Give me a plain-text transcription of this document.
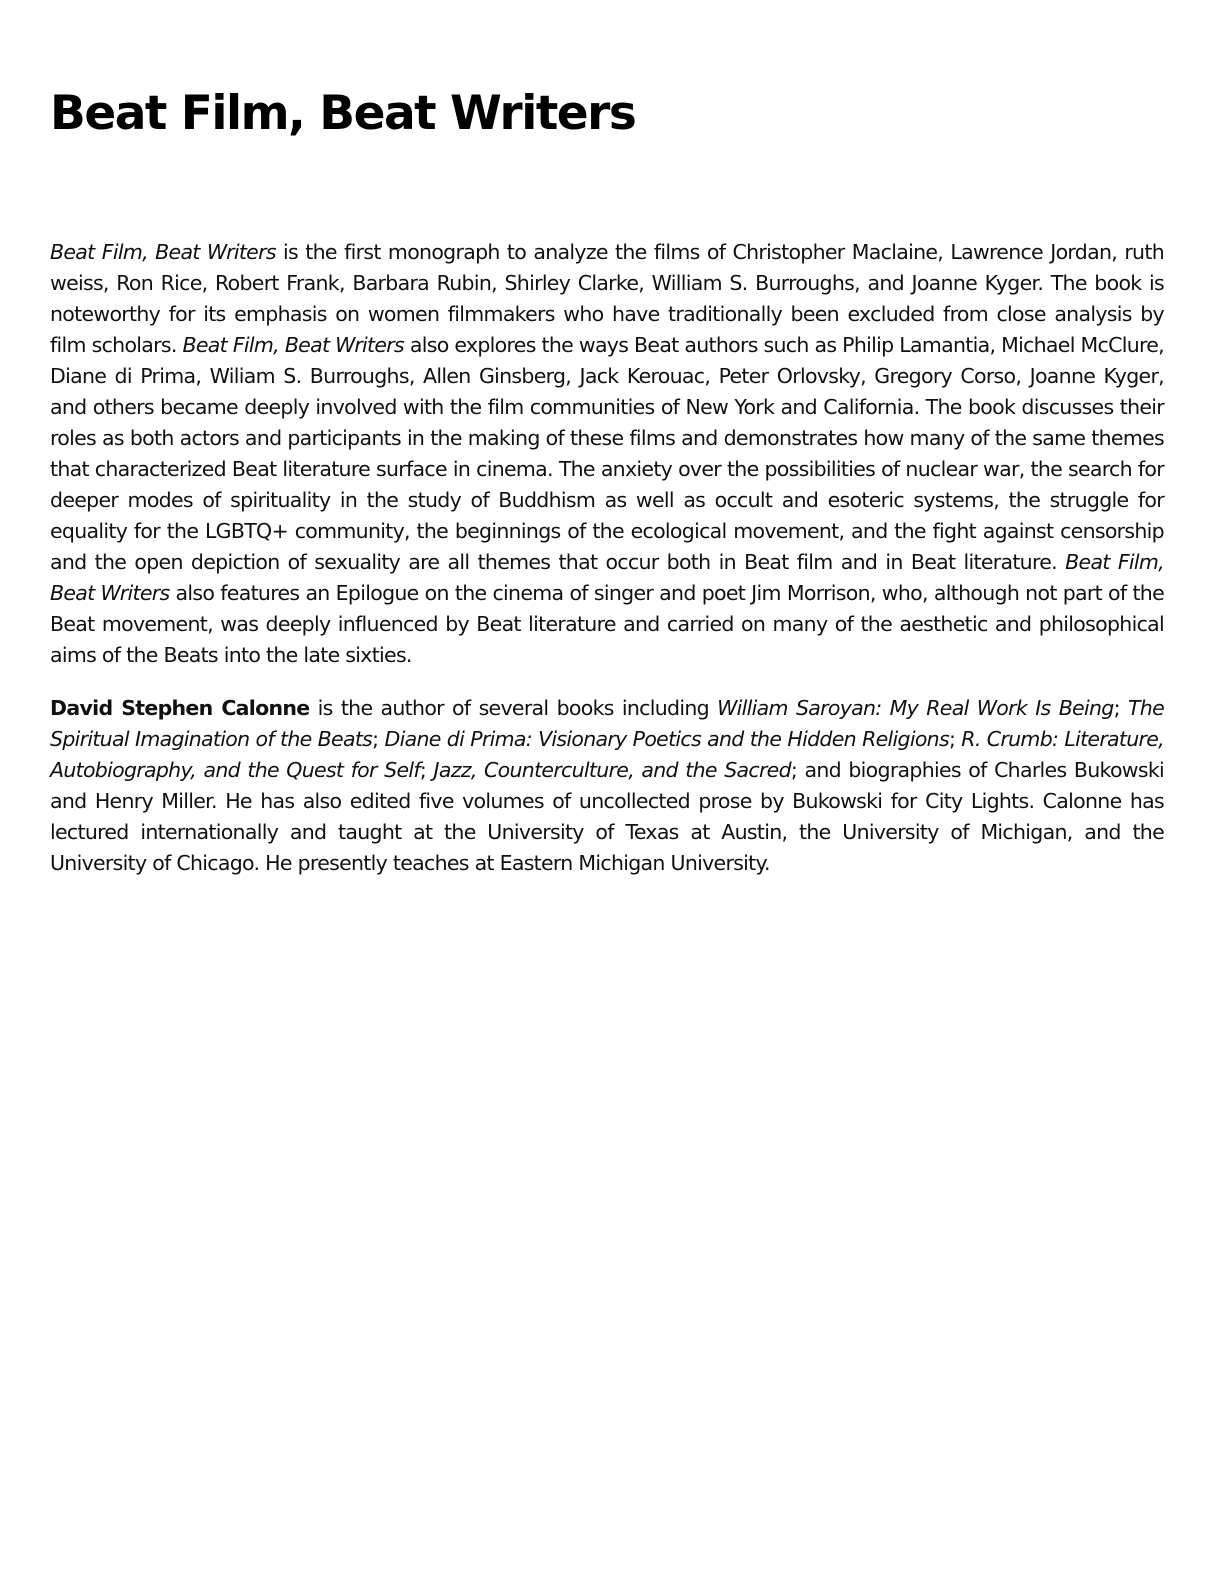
Beat Film, Beat Writers

Beat Film, Beat Writers is the first monograph to analyze the films of Christopher Maclaine, Lawrence Jordan, ruth weiss, Ron Rice, Robert Frank, Barbara Rubin, Shirley Clarke, William S. Burroughs, and Joanne Kyger. The book is noteworthy for its emphasis on women filmmakers who have traditionally been excluded from close analysis by film scholars. Beat Film, Beat Writers also explores the ways Beat authors such as Philip Lamantia, Michael McClure, Diane di Prima, Wiliam S. Burroughs, Allen Ginsberg, Jack Kerouac, Peter Orlovsky, Gregory Corso, Joanne Kyger, and others became deeply involved with the film communities of New York and California. The book discusses their roles as both actors and participants in the making of these films and demonstrates how many of the same themes that characterized Beat literature surface in cinema. The anxiety over the possibilities of nuclear war, the search for deeper modes of spirituality in the study of Buddhism as well as occult and esoteric systems, the struggle for equality for the LGBTQ+ community, the beginnings of the ecological movement, and the fight against censorship and the open depiction of sexuality are all themes that occur both in Beat film and in Beat literature. Beat Film, Beat Writers also features an Epilogue on the cinema of singer and poet Jim Morrison, who, although not part of the Beat movement, was deeply influenced by Beat literature and carried on many of the aesthetic and philosophical aims of the Beats into the late sixties.

David Stephen Calonne is the author of several books including William Saroyan: My Real Work Is Being; The Spiritual Imagination of the Beats; Diane di Prima: Visionary Poetics and the Hidden Religions; R. Crumb: Literature, Autobiography, and the Quest for Self; Jazz, Counterculture, and the Sacred; and biographies of Charles Bukowski and Henry Miller. He has also edited five volumes of uncollected prose by Bukowski for City Lights. Calonne has lectured internationally and taught at the University of Texas at Austin, the University of Michigan, and the University of Chicago. He presently teaches at Eastern Michigan University.
